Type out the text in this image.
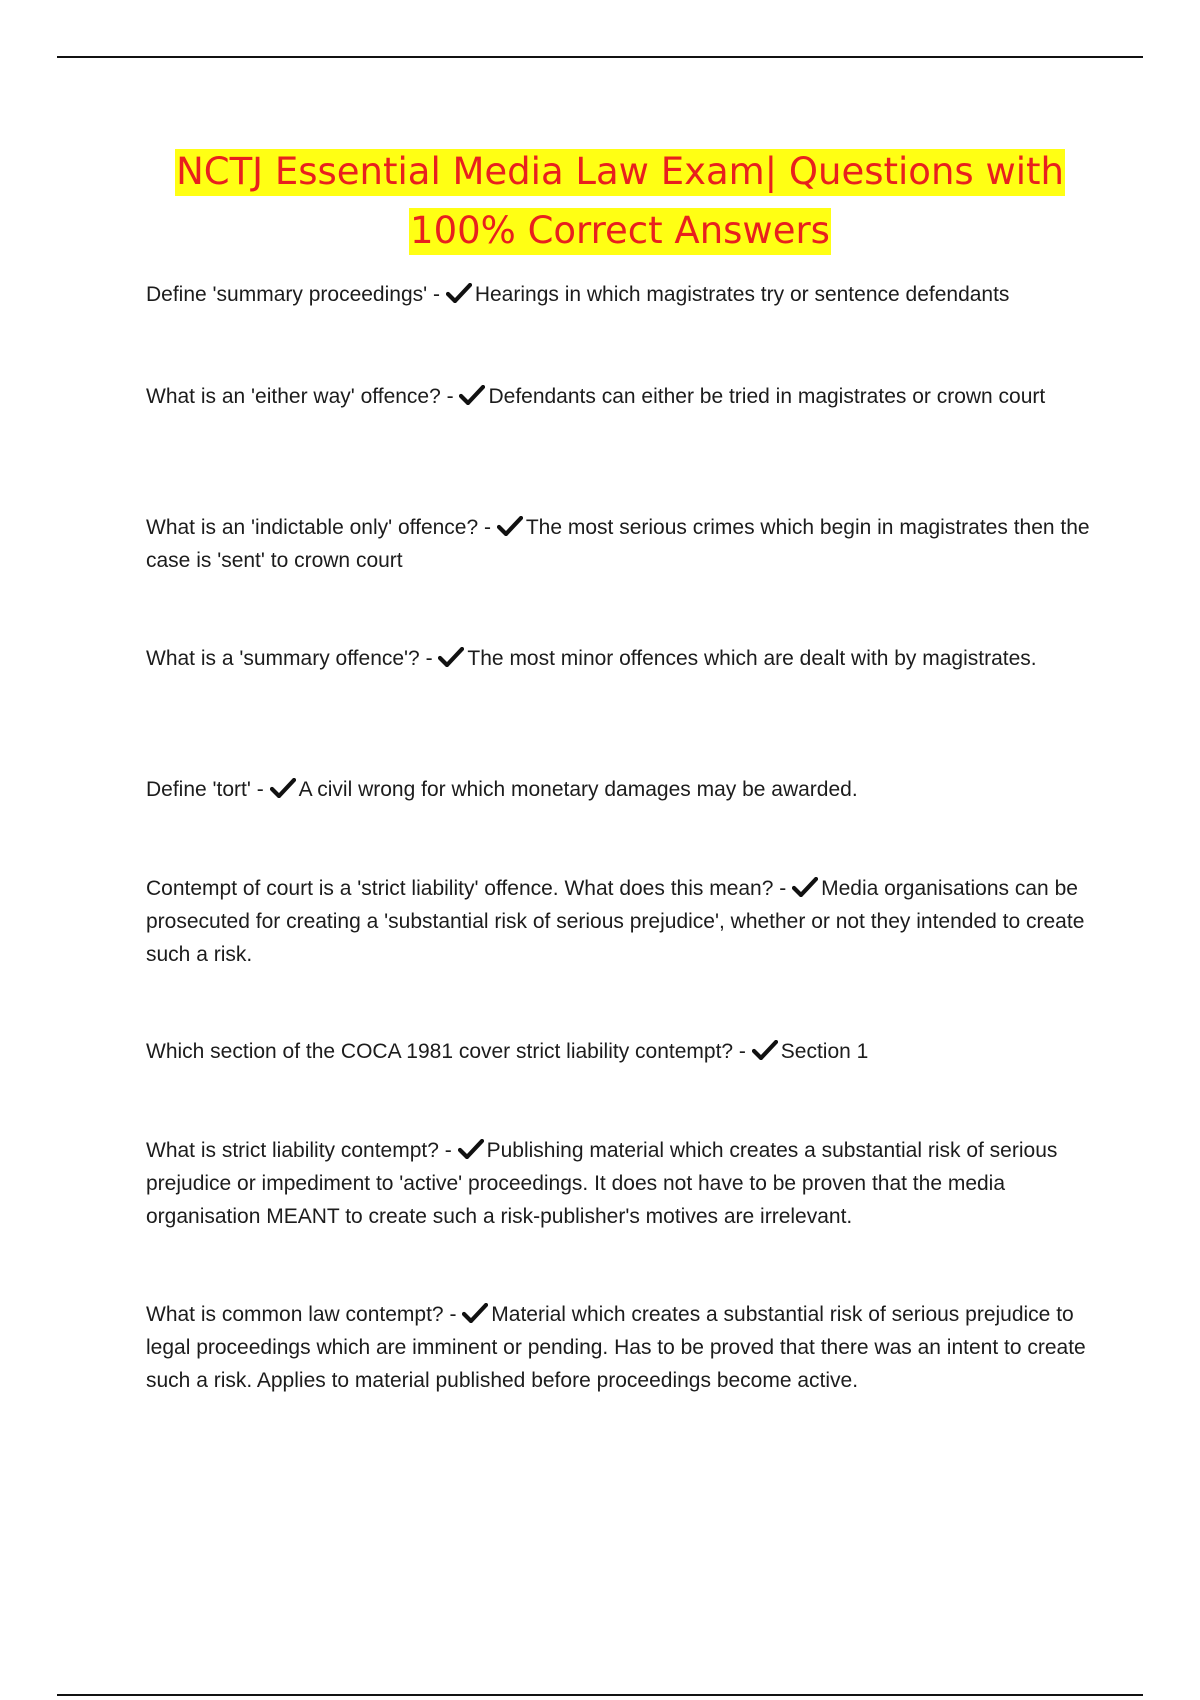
NCTJ Essential Media Law Exam| Questions with
100% Correct Answers
Define 'summary proceedings' -
Hearings in which magistrates try or sentence defendants
What is an 'either way' offence? -
Defendants can either be tried in magistrates or crown court
What is an 'indictable only' offence? -
The most serious crimes which begin in magistrates then the case is 'sent' to crown court
What is a 'summary offence'? -
The most minor offences which are dealt with by magistrates.
Define 'tort' -
A civil wrong for which monetary damages may be awarded.
Contempt of court is a 'strict liability' offence. What does this mean? -
Media organisations can be prosecuted for creating a 'substantial risk of serious prejudice', whether or not they intended to create such a risk.
Which section of the COCA 1981 cover strict liability contempt? -
Section 1
What is strict liability contempt? -
Publishing material which creates a substantial risk of serious prejudice or impediment to 'active' proceedings. It does not have to be proven that the media organisation MEANT to create such a risk-publisher's motives are irrelevant.
What is common law contempt? -
Material which creates a substantial risk of serious prejudice to legal proceedings which are imminent or pending. Has to be proved that there was an intent to create such a risk. Applies to material published before proceedings become active.
